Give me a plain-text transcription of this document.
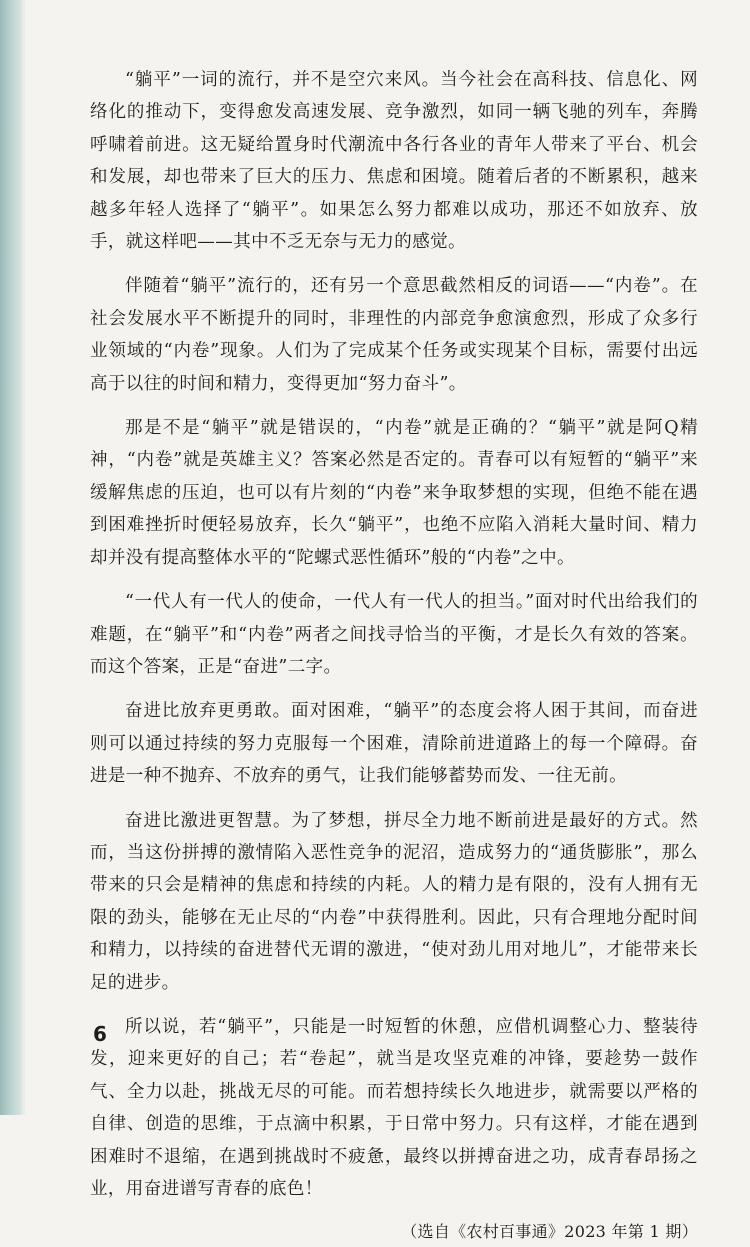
“躺平”一词的流行，并不是空穴来风。当今社会在高科技、信息化、网络化的推动下，变得愈发高速发展、竞争激烈，如同一辆飞驰的列车，奔腾呼啸着前进。这无疑给置身时代潮流中各行各业的青年人带来了平台、机会和发展，却也带来了巨大的压力、焦虑和困境。随着后者的不断累积，越来越多年轻人选择了“躺平”。如果怎么努力都难以成功，那还不如放弃、放手，就这样吧——其中不乏无奈与无力的感觉。

伴随着“躺平”流行的，还有另一个意思截然相反的词语——“内卷”。在社会发展水平不断提升的同时，非理性的内部竞争愈演愈烈，形成了众多行业领域的“内卷”现象。人们为了完成某个任务或实现某个目标，需要付出远高于以往的时间和精力，变得更加“努力奋斗”。

那是不是“躺平”就是错误的，“内卷”就是正确的？“躺平”就是阿Q精神，“内卷”就是英雄主义？答案必然是否定的。青春可以有短暂的“躺平”来缓解焦虑的压迫，也可以有片刻的“内卷”来争取梦想的实现，但绝不能在遇到困难挫折时便轻易放弃，长久“躺平”，也绝不应陷入消耗大量时间、精力却并没有提高整体水平的“陀螺式恶性循环”般的“内卷”之中。

“一代人有一代人的使命，一代人有一代人的担当。”面对时代出给我们的难题，在“躺平”和“内卷”两者之间找寻恰当的平衡，才是长久有效的答案。而这个答案，正是“奋进”二字。

奋进比放弃更勇敢。面对困难，“躺平”的态度会将人困于其间，而奋进则可以通过持续的努力克服每一个困难，清除前进道路上的每一个障碍。奋进是一种不抛弃、不放弃的勇气，让我们能够蓄势而发、一往无前。

奋进比激进更智慧。为了梦想，拼尽全力地不断前进是最好的方式。然而，当这份拼搏的激情陷入恶性竞争的泥沼，造成努力的“通货膨胀”，那么带来的只会是精神的焦虑和持续的内耗。人的精力是有限的，没有人拥有无限的劲头，能够在无止尽的“内卷”中获得胜利。因此，只有合理地分配时间和精力，以持续的奋进替代无谓的激进，“使对劲儿用对地儿”，才能带来长足的进步。

所以说，若“躺平”，只能是一时短暂的休憩，应借机调整心力、整装待发，迎来更好的自己；若“卷起”，就当是攻坚克难的冲锋，要趁势一鼓作气、全力以赴，挑战无尽的可能。而若想持续长久地进步，就需要以严格的自律、创造的思维，于点滴中积累，于日常中努力。只有这样，才能在遇到困难时不退缩，在遇到挑战时不疲惫，最终以拼搏奋进之功，成青春昂扬之业，用奋进谱写青春的底色！

（选自《农村百事通》2023 年第 1 期）
6
